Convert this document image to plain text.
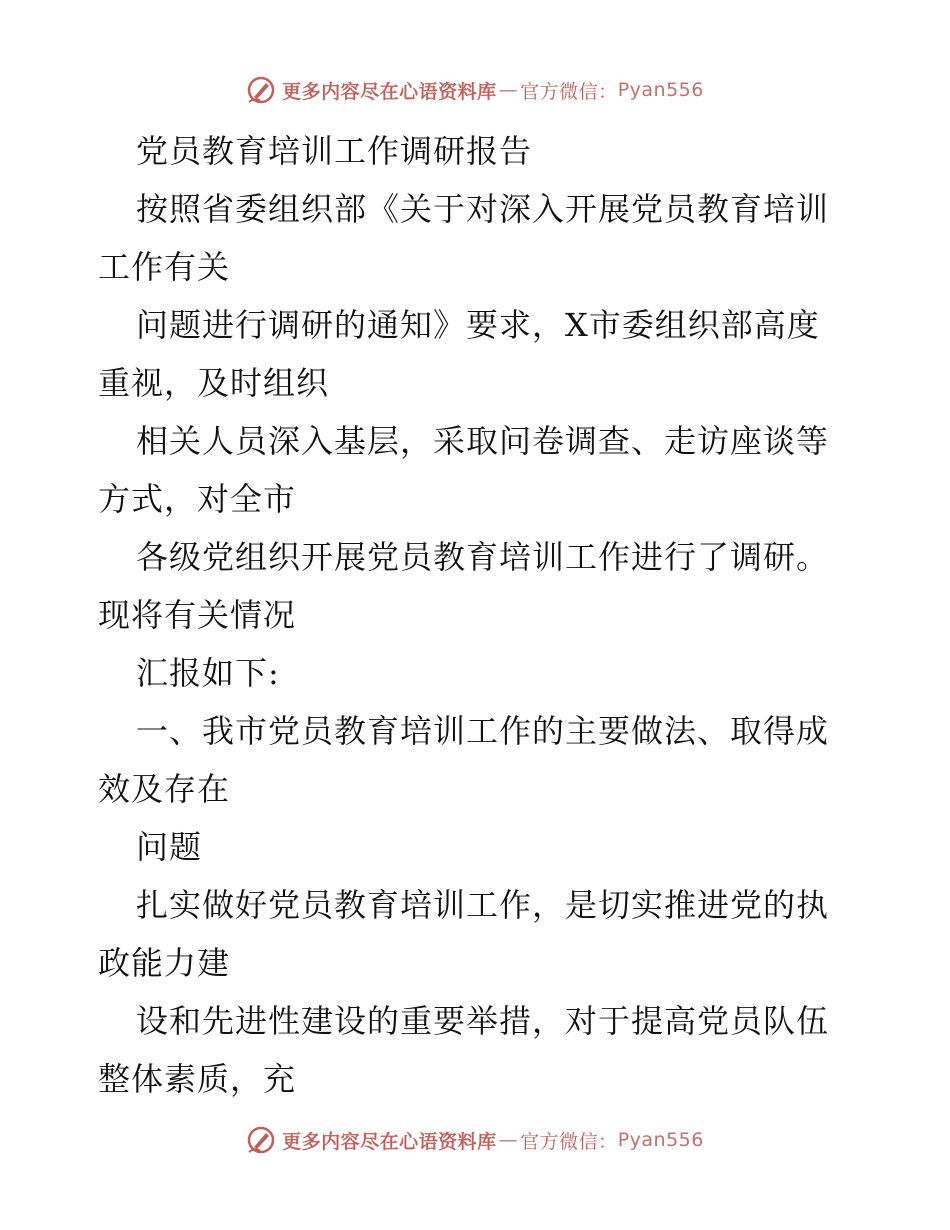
更多内容尽在心语资料库 — 官方微信： Pyan556
党员教育培训工作调研报告
按照省委组织部《关于对深入开展党员教育培训
工作有关
问题进行调研的通知》要求，X市委组织部高度
重视，及时组织
相关人员深入基层，采取问卷调查、走访座谈等
方式，对全市
各级党组织开展党员教育培训工作进行了调研。
现将有关情况
汇报如下:
一、我市党员教育培训工作的主要做法、取得成
效及存在
问题
扎实做好党员教育培训工作，是切实推进党的执
政能力建
设和先进性建设的重要举措，对于提高党员队伍
整体素质，充
更多内容尽在心语资料库 — 官方微信： Pyan556
